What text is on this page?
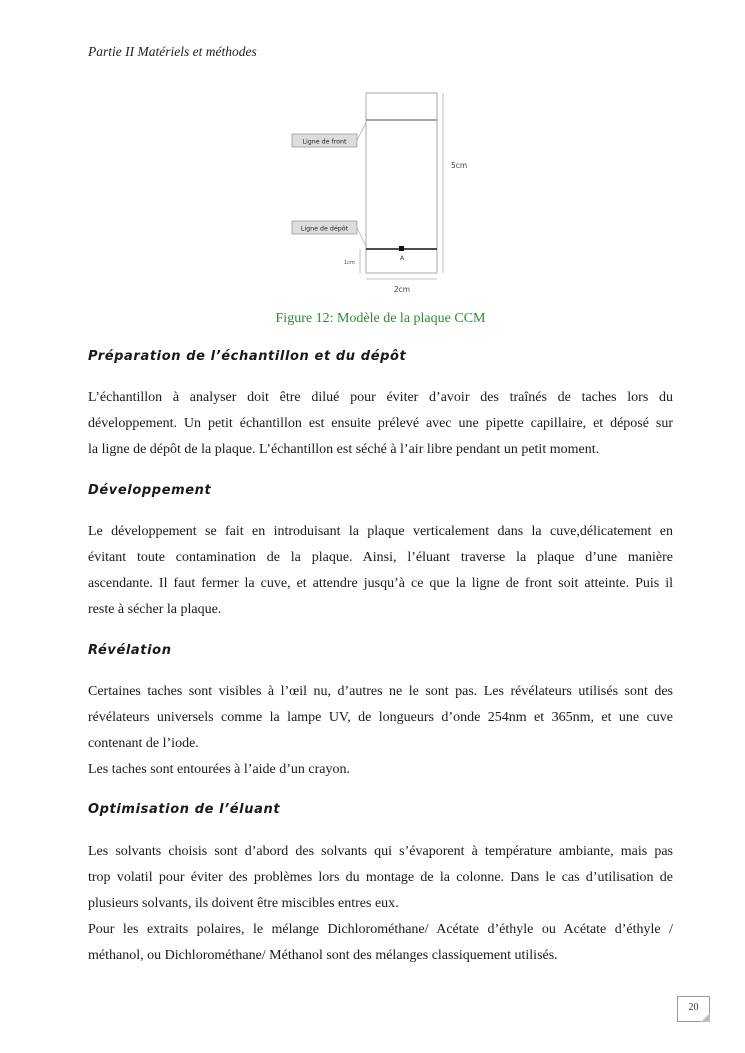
Partie II Matériels et méthodes
A
5cm
1cm
2cm
Ligne de front
Ligne de dépôt
Figure 12: Modèle de la plaque CCM
Préparation de l’échantillon et du dépôt

L’échantillon à analyser doit être dilué pour éviter d’avoir des traînés de taches lors du
développement. Un petit échantillon est ensuite prélevé avec une pipette capillaire, et déposé sur
la ligne de dépôt de la plaque. L’échantillon est séché à l’air libre pendant un petit moment.

Développement

Le développement se fait en introduisant la plaque verticalement dans la cuve,délicatement en
évitant toute contamination de la plaque. Ainsi, l’éluant traverse la plaque d’une manière
ascendante. Il faut fermer la cuve, et attendre jusqu’à ce que la ligne de front soit atteinte. Puis il
reste à sécher la plaque.

Révélation

Certaines taches sont visibles à l’œil nu, d’autres ne le sont pas. Les révélateurs utilisés sont des
révélateurs universels comme la lampe UV, de longueurs d’onde 254nm et 365nm, et une cuve
contenant de l’iode.
Les taches sont entourées à l’aide d’un crayon.

Optimisation de l’éluant

Les solvants choisis sont d’abord des solvants qui s’évaporent à température ambiante, mais pas
trop volatil pour éviter des problèmes lors du montage de la colonne. Dans le cas d’utilisation de
plusieurs solvants, ils doivent être miscibles entres eux.
Pour les extraits polaires, le mélange Dichlorométhane/ Acétate d’éthyle ou Acétate d’éthyle /
méthanol, ou Dichlorométhane/ Méthanol sont des mélanges classiquement utilisés.

20
